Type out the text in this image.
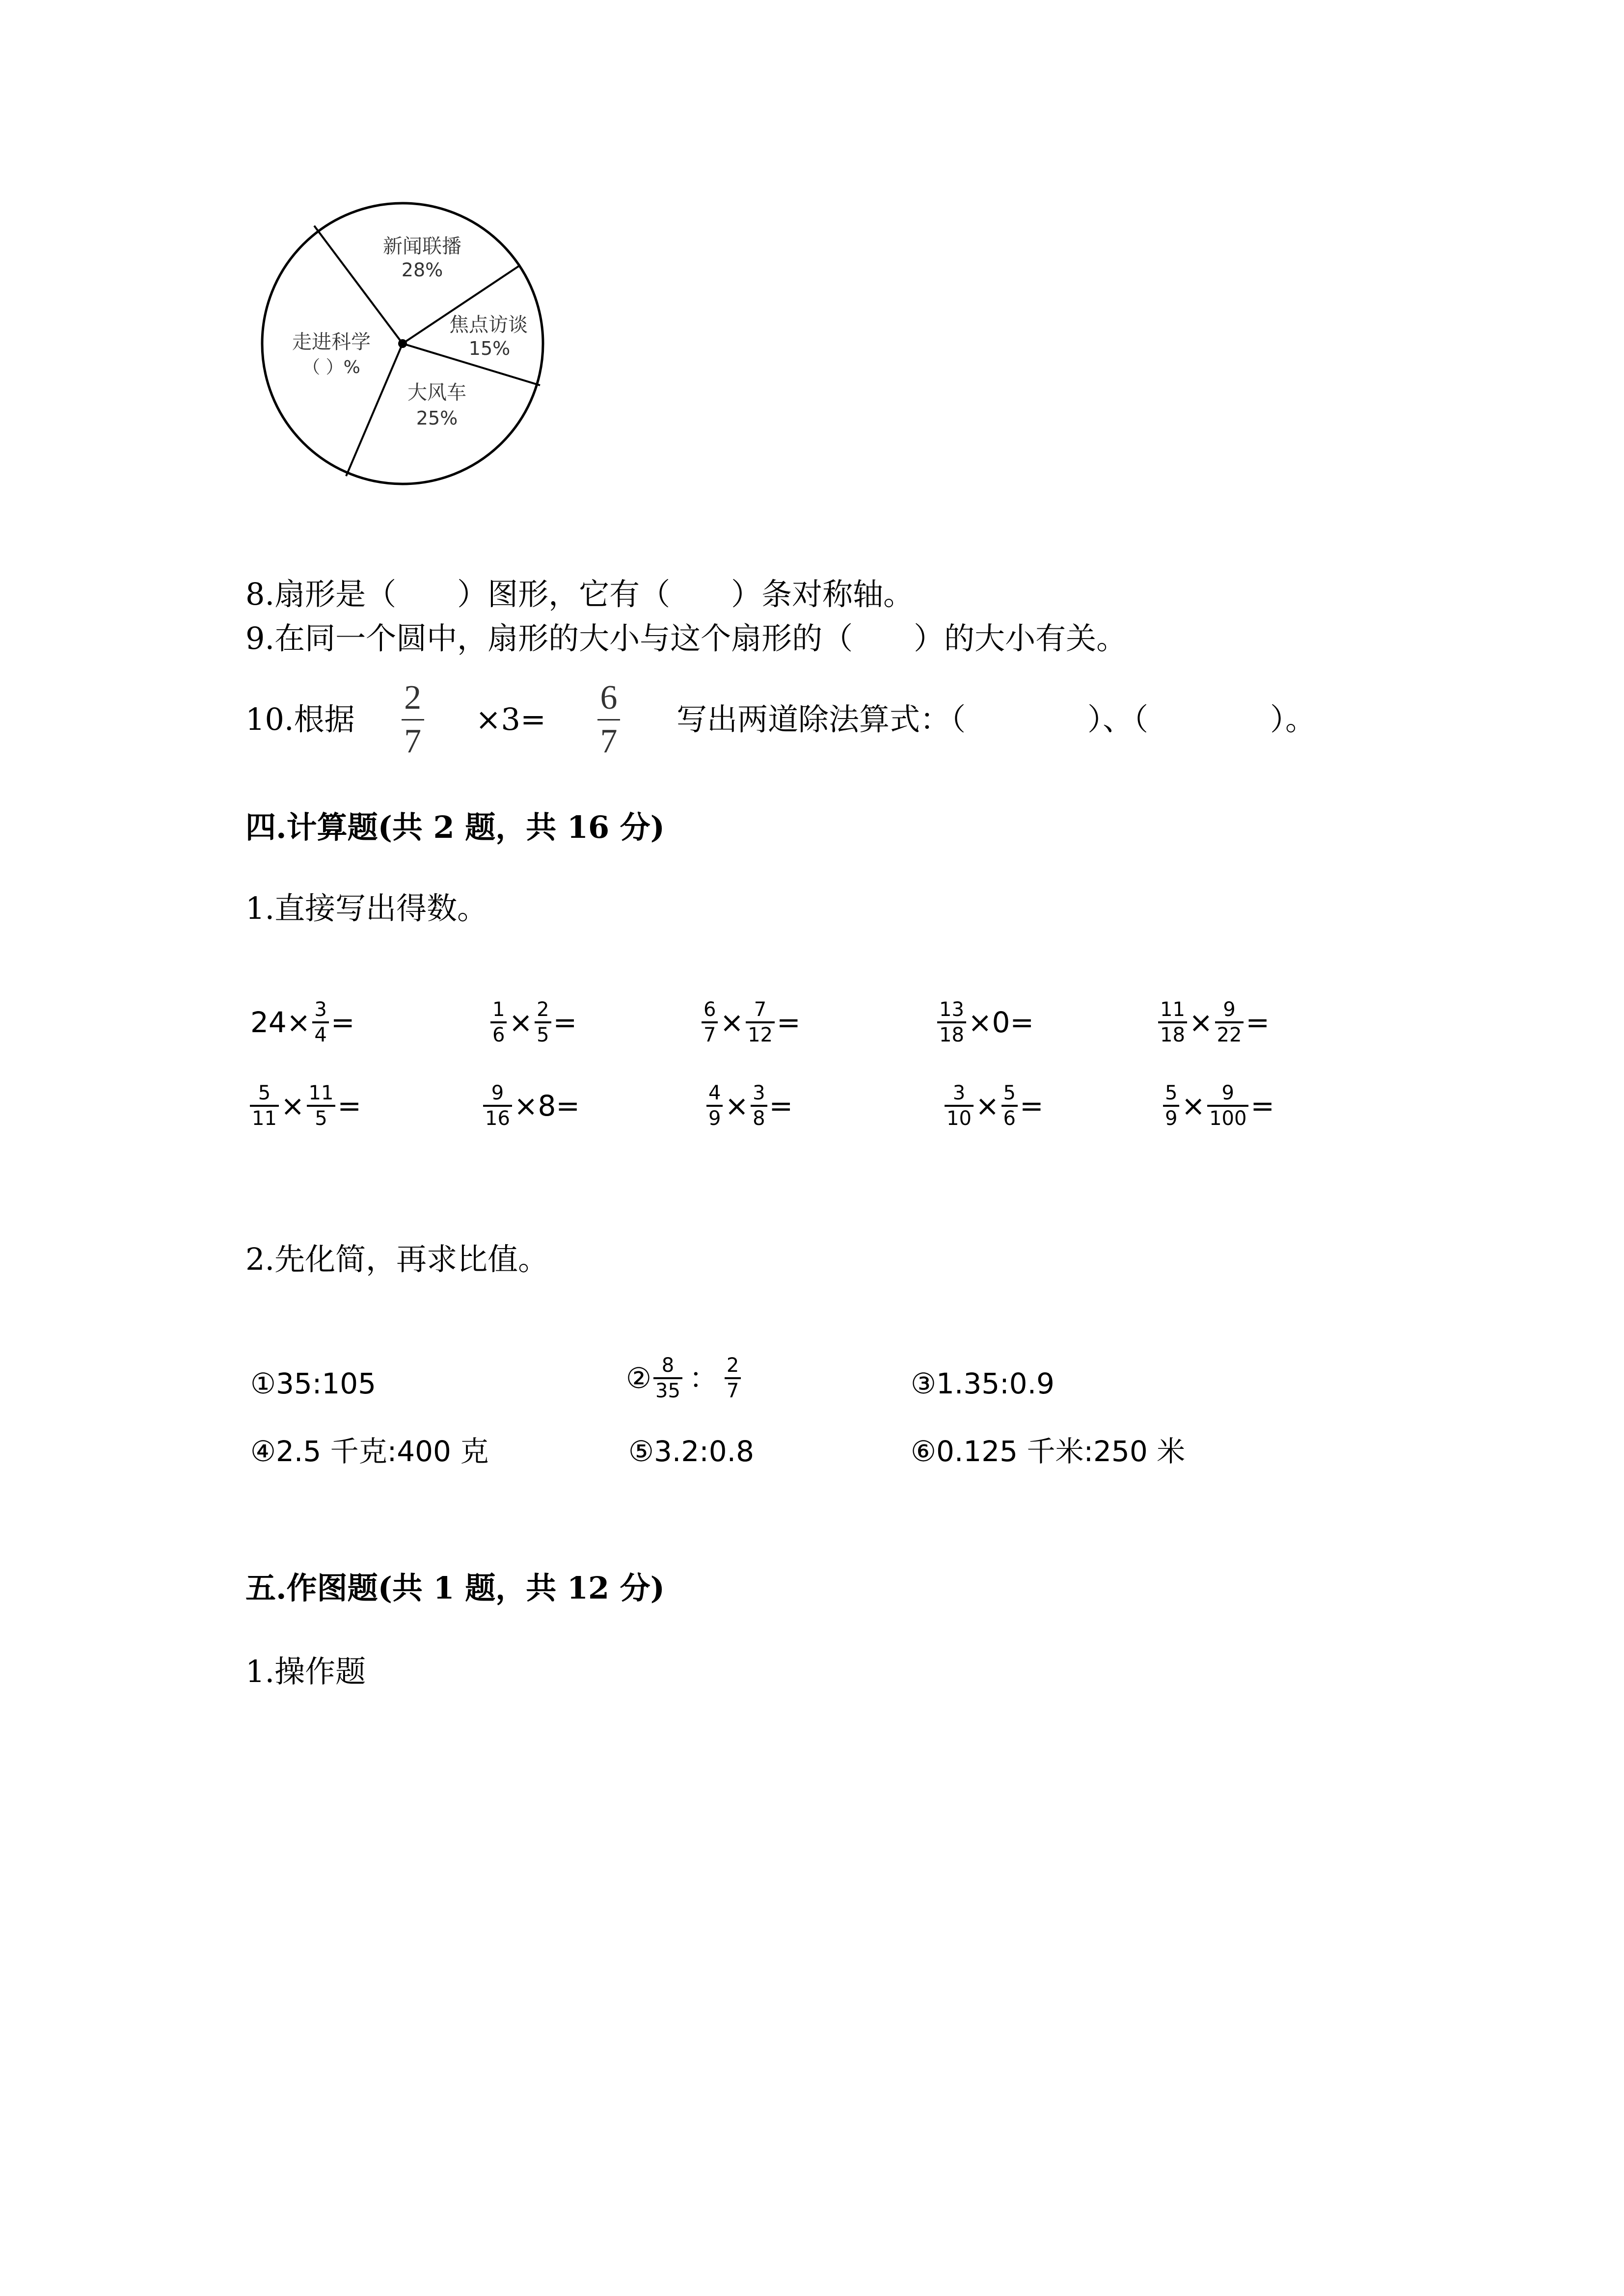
新闻联播
28%
焦点访谈
15%
大风车
25%
走进科学
（ ）%
8.扇形是（　　）图形，它有（　　）条对称轴。
9.在同一个圆中，扇形的大小与这个扇形的（　　）的大小有关。
10.根据 $\frac{2}{7} \times 3= \frac{6}{7}$ 写出两道除法算式：（　　　　）、（　　　　）。
四.计算题(共 2 题，共 16 分)
1.直接写出得数。
$24\times \frac{3}{4}$ =	$\frac{1}{6} \times \frac{2}{5}$ =	$\frac{6}{7} \times \frac{7}{12}$ =	$\frac{13}{18} \times 0=$	$\frac{11}{18} \times \frac{9}{22}$ =
$\frac{5}{11} \times \frac{11}{5}$ =	$\frac{9}{16} \times 8=$	$\frac{4}{9} \times \frac{3}{8}$ =	$\frac{3}{10} \times \frac{5}{6}$ =	$\frac{5}{9} \times \frac{9}{100}$ =
2.先化简，再求比值。
①35:105	② $\frac{8}{35}$ ： $\frac{2}{7}$	③1.35:0.9
④2.5 千克:400 克	⑤3.2:0.8	⑥0.125 千米:250 米
五.作图题(共 1 题，共 12 分)
1.操作题
